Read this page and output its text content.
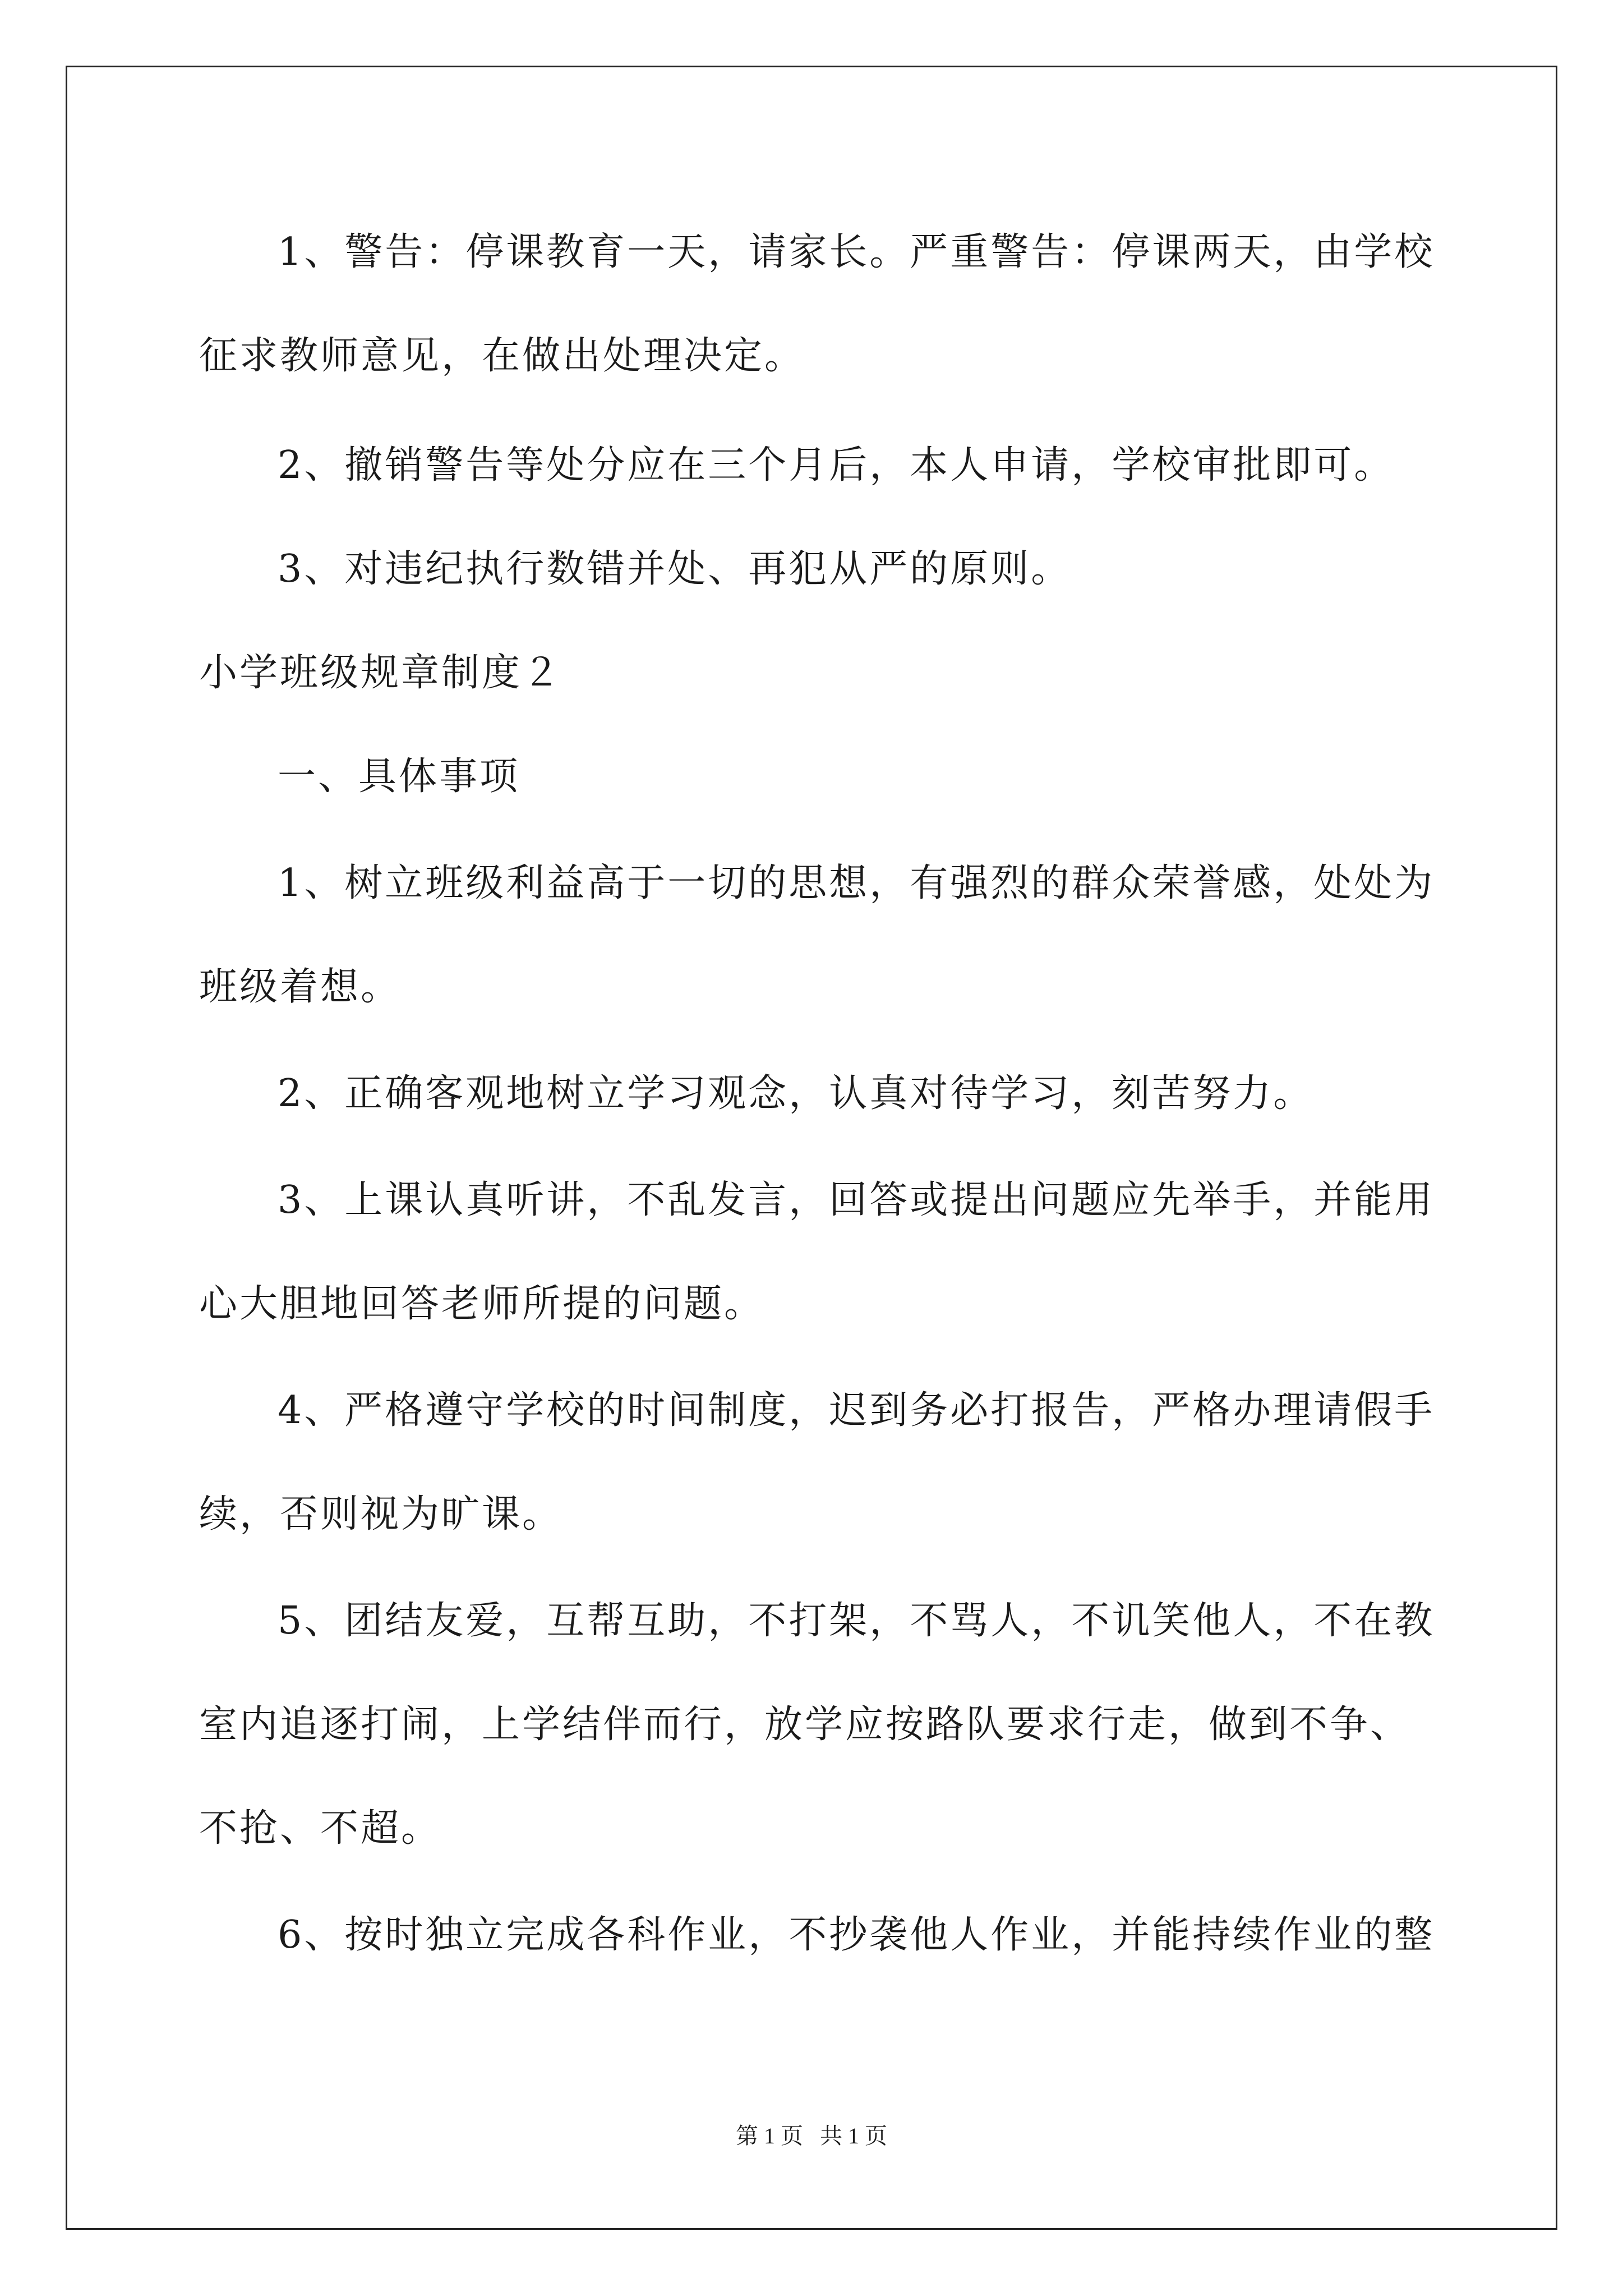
1、警告：停课教育一天，请家长。严重警告：停课两天，由学校
征求教师意见，在做出处理决定。
2、撤销警告等处分应在三个月后，本人申请，学校审批即可。
3、对违纪执行数错并处、再犯从严的原则。
小学班级规章制度２
一、具体事项
1、树立班级利益高于一切的思想，有强烈的群众荣誉感，处处为
班级着想。
2、正确客观地树立学习观念，认真对待学习，刻苦努力。
3、上课认真听讲，不乱发言，回答或提出问题应先举手，并能用
心大胆地回答老师所提的问题。
4、严格遵守学校的时间制度，迟到务必打报告，严格办理请假手
续，否则视为旷课。
5、团结友爱，互帮互助，不打架，不骂人，不讥笑他人，不在教
室内追逐打闹，上学结伴而行，放学应按路队要求行走，做到不争、
不抢、不超。
6、按时独立完成各科作业，不抄袭他人作业，并能持续作业的整
第 1 页   共 1 页
